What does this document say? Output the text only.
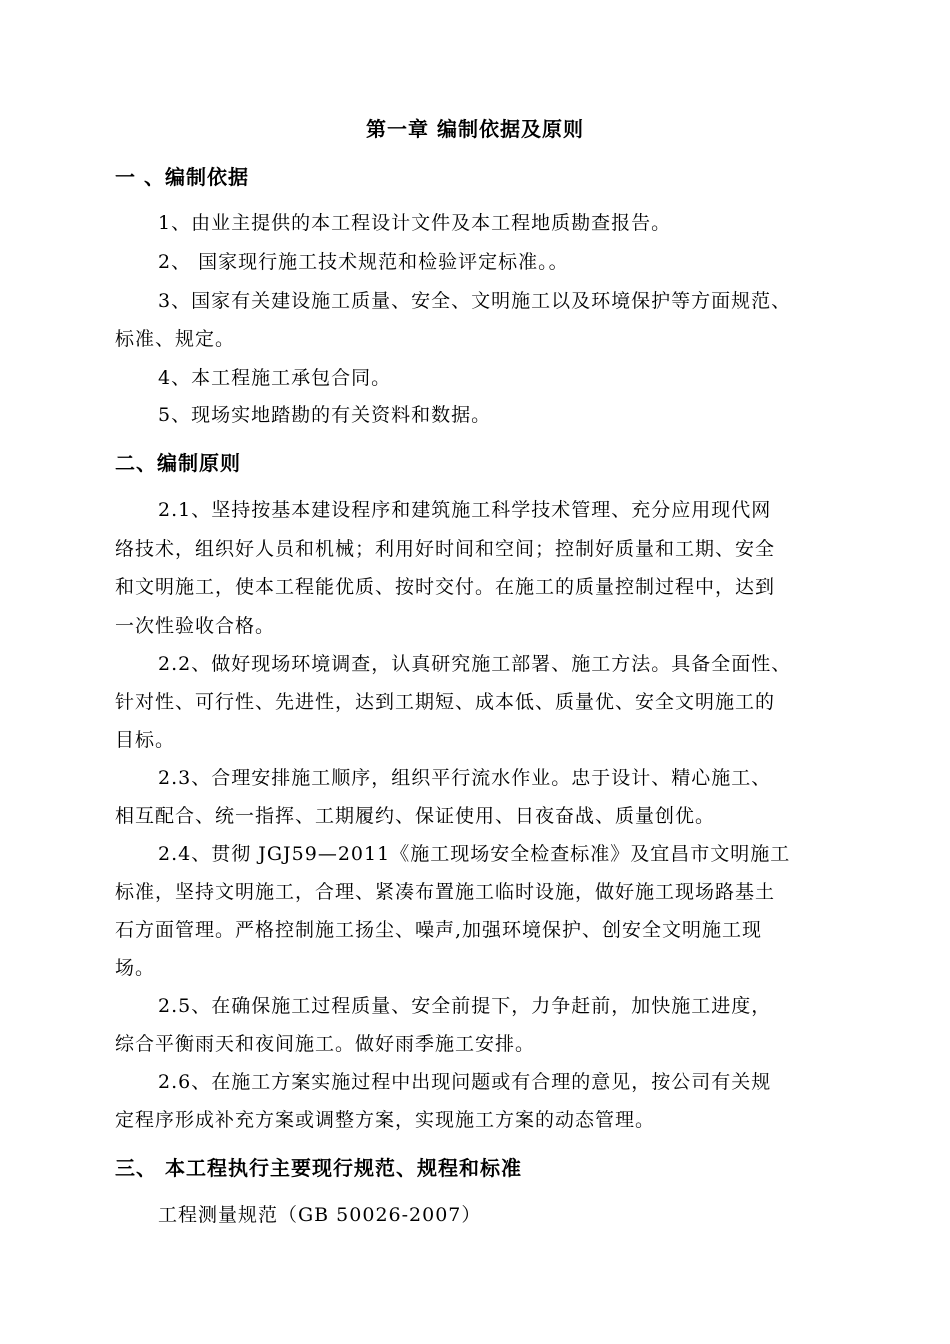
第一章 编制依据及原则
一 、编制依据
1、由业主提供的本工程设计文件及本工程地质勘查报告。
2、 国家现行施工技术规范和检验评定标准。。
3、国家有关建设施工质量、安全、文明施工以及环境保护等方面规范、
标准、规定。
4、本工程施工承包合同。
5、现场实地踏勘的有关资料和数据。
二、编制原则
2.1、坚持按基本建设程序和建筑施工科学技术管理、充分应用现代网
络技术，组织好人员和机械；利用好时间和空间；控制好质量和工期、安全
和文明施工，使本工程能优质、按时交付。在施工的质量控制过程中，达到
一次性验收合格。
2.2、做好现场环境调查，认真研究施工部署、施工方法。具备全面性、
针对性、可行性、先进性，达到工期短、成本低、质量优、安全文明施工的
目标。
2.3、合理安排施工顺序，组织平行流水作业。忠于设计、精心施工、
相互配合、统一指挥、工期履约、保证使用、日夜奋战、质量创优。
2.4、贯彻 JGJ59—2011《施工现场安全检查标准》及宜昌市文明施工
标准，坚持文明施工，合理、紧凑布置施工临时设施，做好施工现场路基土
石方面管理。严格控制施工扬尘、噪声,加强环境保护、创安全文明施工现
场。
2.5、在确保施工过程质量、安全前提下，力争赶前，加快施工进度，
综合平衡雨天和夜间施工。做好雨季施工安排。
2.6、在施工方案实施过程中出现问题或有合理的意见，按公司有关规
定程序形成补充方案或调整方案，实现施工方案的动态管理。
三、 本工程执行主要现行规范、规程和标准
工程测量规范（GB 50026-2007）
